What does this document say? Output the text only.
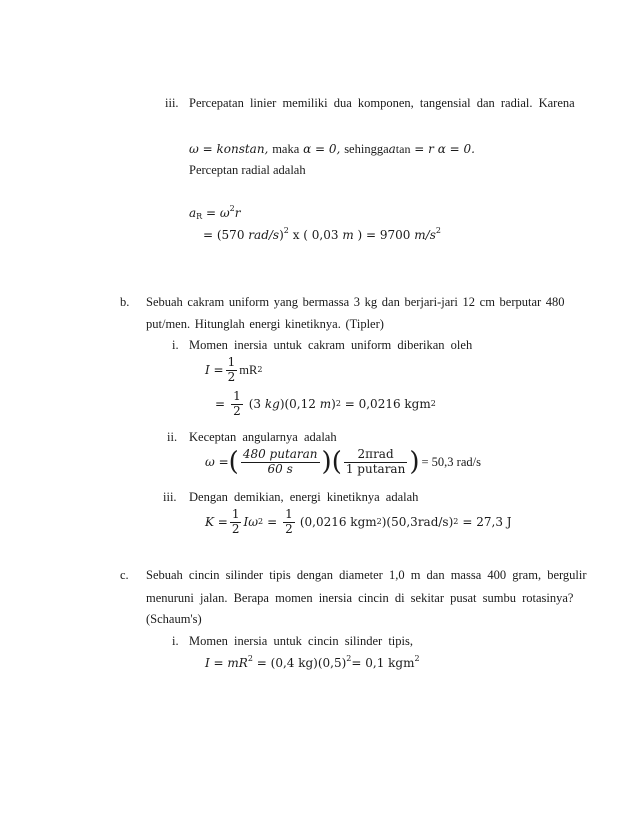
iii. Percepatan linier memiliki dua komponen, tangensial dan radial. Karena
ω = konstan, maka α = 0, sehinggaatan = r α = 0.
Perceptan radial adalah
$a_R = \omega^2r$
= (570 rad/s)$^2$ x ( 0,03 m ) = 9700 $m/s^2$
b. Sebuah cakram uniform yang bermassa 3 kg dan berjari-jari 12 cm berputar 480
put/men. Hitunglah energi kinetiknya. (Tipler)
i. Momen inersia untuk cakram uniform diberikan oleh
$I = \frac{1}{2}$ mR 2
= $\frac{1}{2} (3$
kg )(0,12
m ) 2
= 0,0216 kgm 2
ii. Keceptan angularnya adalah
ω = ( $\frac{\text{480 putaran}}{60 s}$ ) ( $\frac{\text{2πrad}}{\text{1 putaran}}$ ) = 50,3 rad/s
iii. Dengan demikian, energi kinetiknya adalah
$K = \frac{1}{2}$ Iω $2 = \frac{1}{2} (0,0216$ kgm 2 )(50,3rad/s) 2 = 27,3 J
c. Sebuah cincin silinder tipis dengan diameter 1,0 m dan massa 400 gram, bergulir
menuruni jalan. Berapa momen inersia cincin di sekitar pusat sumbu rotasinya?
(Schaum's)
i. Momen inersia untuk cincin silinder tipis,
$I = mR^2 = (0,4$ $kg)(0,5)^2= 0,1$ kgm$^2$
